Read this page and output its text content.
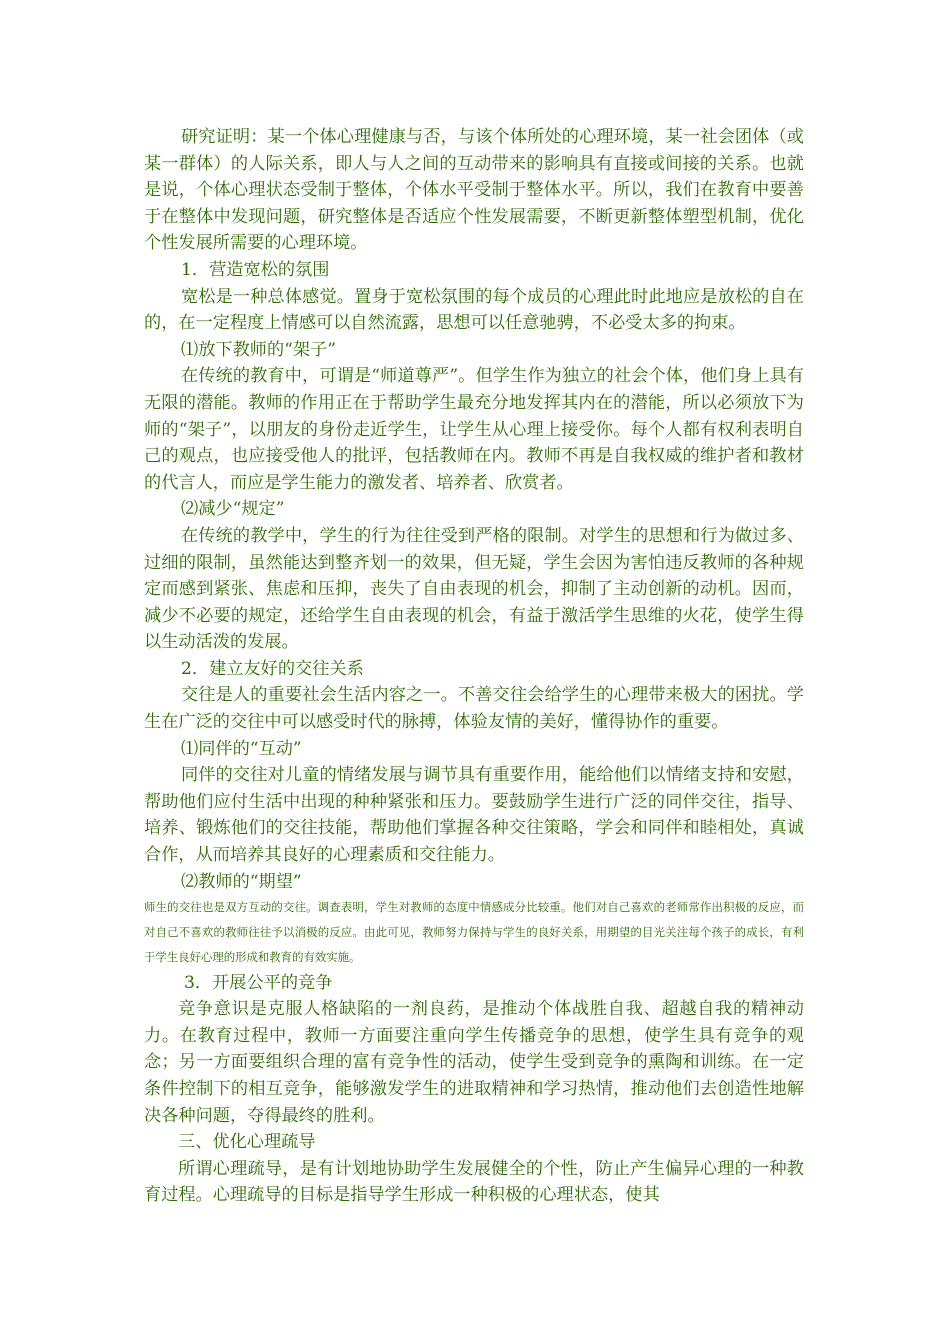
研究证明：某一个体心理健康与否，与该个体所处的心理环境，某一社会团体（或某一群体）的人际关系，即人与人之间的互动带来的影响具有直接或间接的关系。也就是说，个体心理状态受制于整体，个体水平受制于整体水平。所以，我们在教育中要善于在整体中发现问题，研究整体是否适应个性发展需要，不断更新整体塑型机制，优化个性发展所需要的心理环境。

1．营造宽松的氛围

宽松是一种总体感觉。置身于宽松氛围的每个成员的心理此时此地应是放松的自在的，在一定程度上情感可以自然流露，思想可以任意驰骋，不必受太多的拘束。

⑴放下教师的“架子”

在传统的教育中，可谓是“师道尊严”。但学生作为独立的社会个体，他们身上具有无限的潜能。教师的作用正在于帮助学生最充分地发挥其内在的潜能，所以必须放下为师的“架子”，以朋友的身份走近学生，让学生从心理上接受你。每个人都有权利表明自己的观点，也应接受他人的批评，包括教师在内。教师不再是自我权威的维护者和教材的代言人，而应是学生能力的激发者、培养者、欣赏者。

⑵减少“规定”

在传统的教学中，学生的行为往往受到严格的限制。对学生的思想和行为做过多、过细的限制，虽然能达到整齐划一的效果，但无疑，学生会因为害怕违反教师的各种规定而感到紧张、焦虑和压抑，丧失了自由表现的机会，抑制了主动创新的动机。因而，减少不必要的规定，还给学生自由表现的机会，有益于激活学生思维的火花，使学生得以生动活泼的发展。

2．建立友好的交往关系

交往是人的重要社会生活内容之一。不善交往会给学生的心理带来极大的困扰。学生在广泛的交往中可以感受时代的脉搏，体验友情的美好，懂得协作的重要。

⑴同伴的“互动”

同伴的交往对儿童的情绪发展与调节具有重要作用，能给他们以情绪支持和安慰，帮助他们应付生活中出现的种种紧张和压力。要鼓励学生进行广泛的同伴交往，指导、培养、锻炼他们的交往技能，帮助他们掌握各种交往策略，学会和同伴和睦相处，真诚合作，从而培养其良好的心理素质和交往能力。

⑵教师的“期望”

师生的交往也是双方互动的交往。调查表明，学生对教师的态度中情感成分比较重。他们对自己喜欢的老师常作出积极的反应，而对自己不喜欢的教师往往予以消极的反应。由此可见，教师努力保持与学生的良好关系，用期望的目光关注每个孩子的成长，有利于学生良好心理的形成和教育的有效实施。

3．开展公平的竞争

竞争意识是克服人格缺陷的一剂良药，是推动个体战胜自我、超越自我的精神动力。在教育过程中，教师一方面要注重向学生传播竞争的思想，使学生具有竞争的观念；另一方面要组织合理的富有竞争性的活动，使学生受到竞争的熏陶和训练。在一定条件控制下的相互竞争，能够激发学生的进取精神和学习热情，推动他们去创造性地解决各种问题，夺得最终的胜利。

三、优化心理疏导

所谓心理疏导，是有计划地协助学生发展健全的个性，防止产生偏异心理的一种教育过程。心理疏导的目标是指导学生形成一种积极的心理状态，使其
